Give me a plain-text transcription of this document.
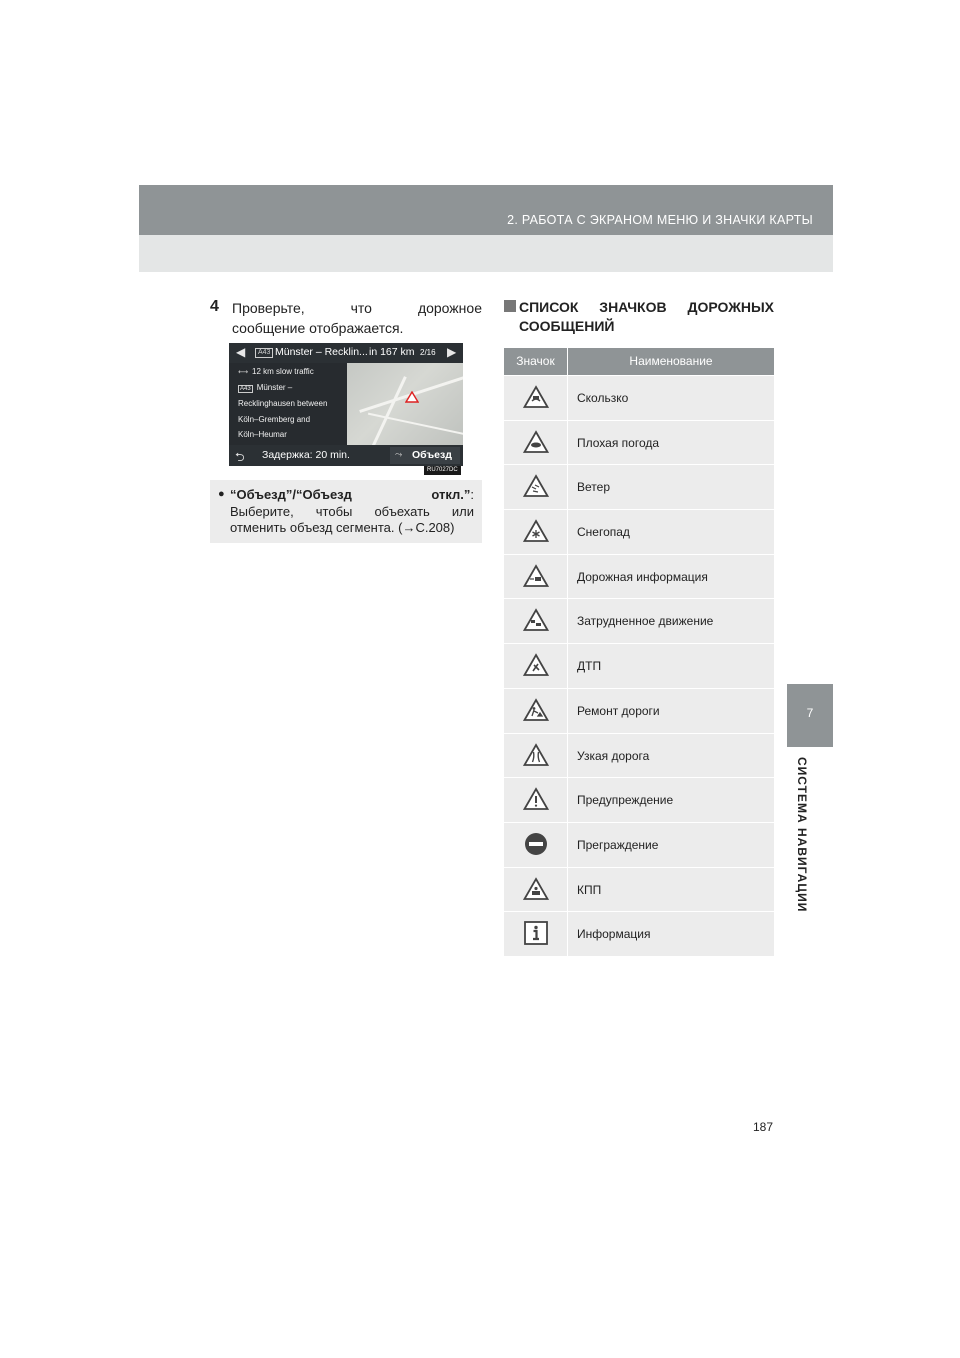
2. РАБОТА С ЭКРАНОМ МЕНЮ И ЗНАЧКИ КАРТЫ
7
СИСТЕМА НАВИГАЦИИ
4 Проверьте,	что	дорожное
сообщение отображается.
⟷ 12 km slow traffic
A43 Münster –
Recklinghausen between
Köln–Gremberg and
Köln–Heumar
◀	A43 Münster – Recklin... in 167 km 2/16 ▶
⮌ Задержка: 20 min.	⤳ Объезд
RU7027DC
● “Объезд”/“Объезд	откл.”:
Выберите, чтобы объехать или
отменить объезд сегмента. (→С.208)
СПИСОК ЗНАЧКОВ ДОРОЖНЫХ
СООБЩЕНИЙ
Значок	Наименование
Скользко
Плохая погода
Ветер
Снегопад
Дорожная информация
Затрудненное движение
ДТП
Ремонт дороги
Узкая дорога
Предупреждение
Преграждение
КПП
Информация
187
